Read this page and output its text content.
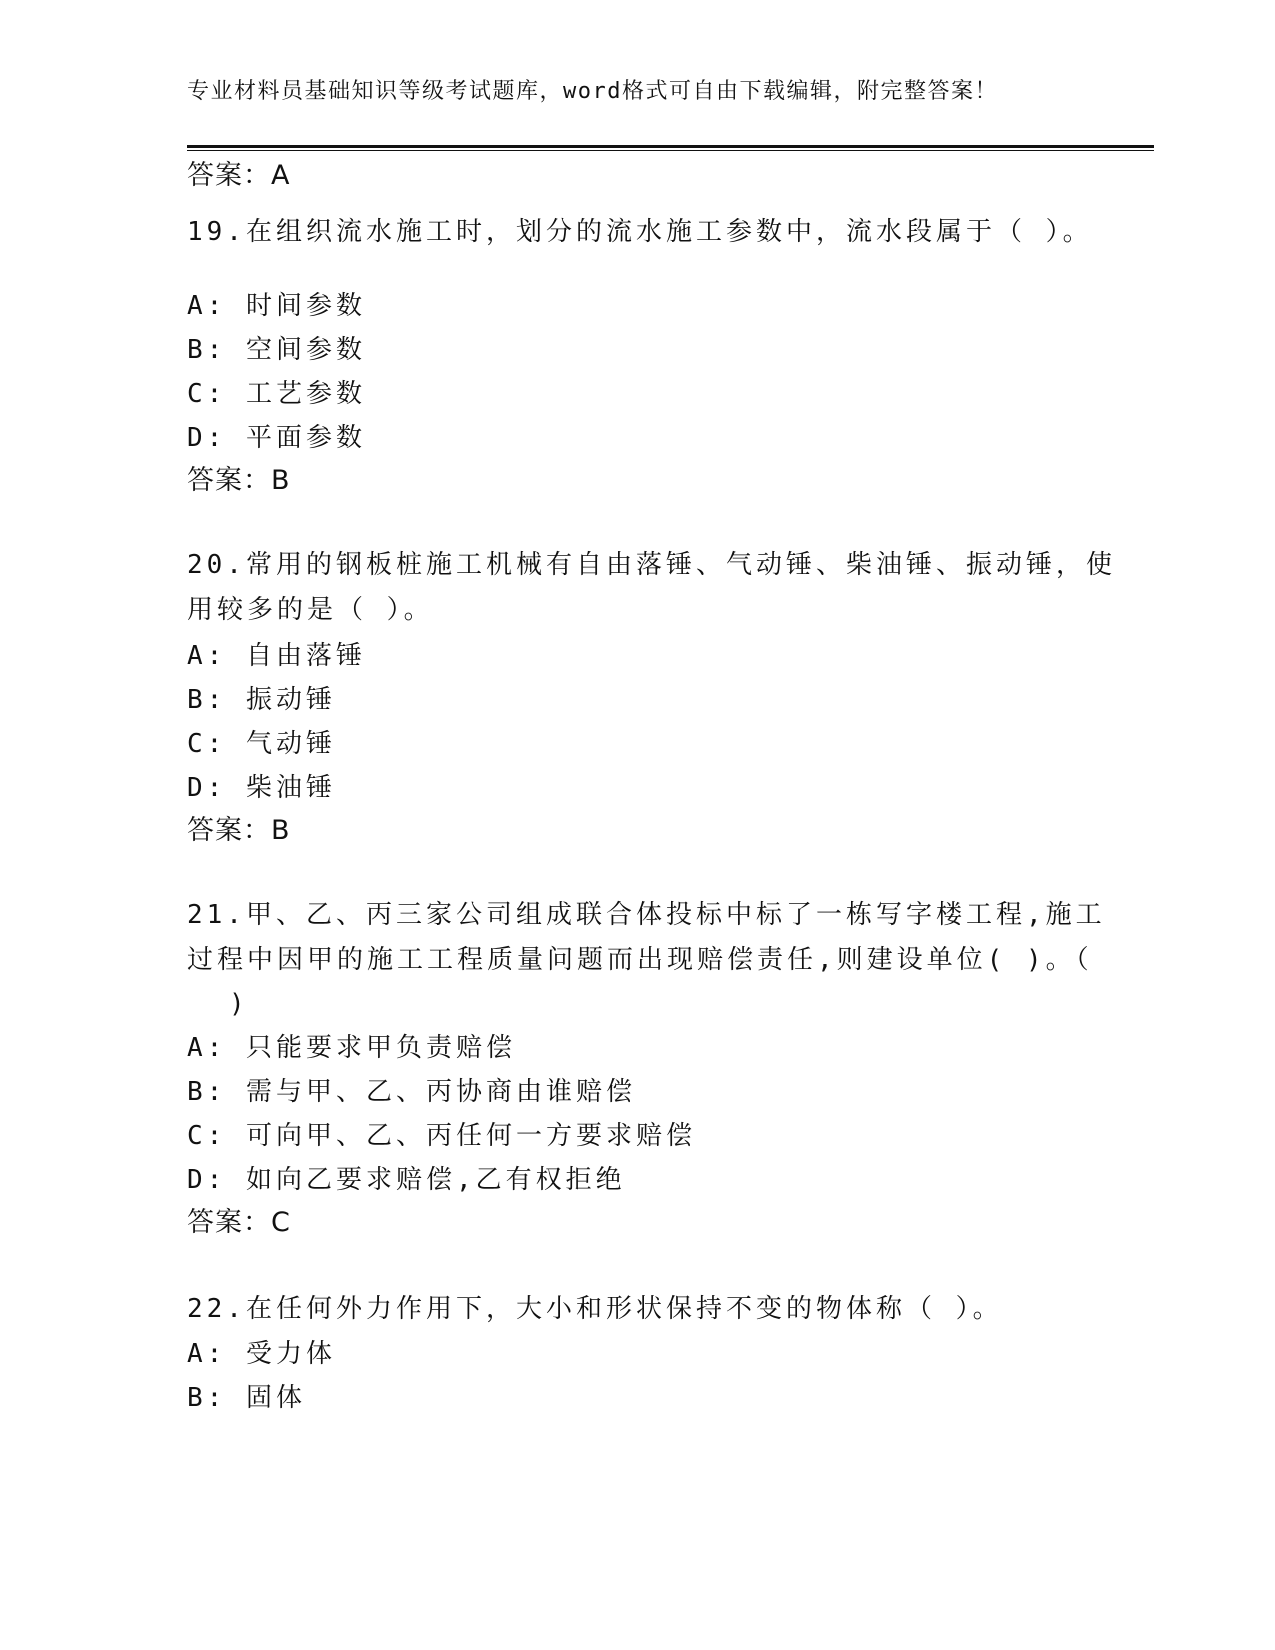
专业材料员基础知识等级考试题库，word格式可自由下载编辑，附完整答案！
答案：A
19.在组织流水施工时，划分的流水施工参数中，流水段属于（ ）。
A: 时间参数
B: 空间参数
C: 工艺参数
D: 平面参数
答案：B
20.常用的钢板桩施工机械有自由落锤、气动锤、柴油锤、振动锤，使
用较多的是（ ）。
A: 自由落锤
B: 振动锤
C: 气动锤
D: 柴油锤
答案：B
21.甲、乙、丙三家公司组成联合体投标中标了一栋写字楼工程,施工
过程中因甲的施工工程质量问题而出现赔偿责任,则建设单位( )。（
)
A: 只能要求甲负责赔偿
B: 需与甲、乙、丙协商由谁赔偿
C: 可向甲、乙、丙任何一方要求赔偿
D: 如向乙要求赔偿,乙有权拒绝
答案：C
22.在任何外力作用下，大小和形状保持不变的物体称（ ）。
A: 受力体
B: 固体
